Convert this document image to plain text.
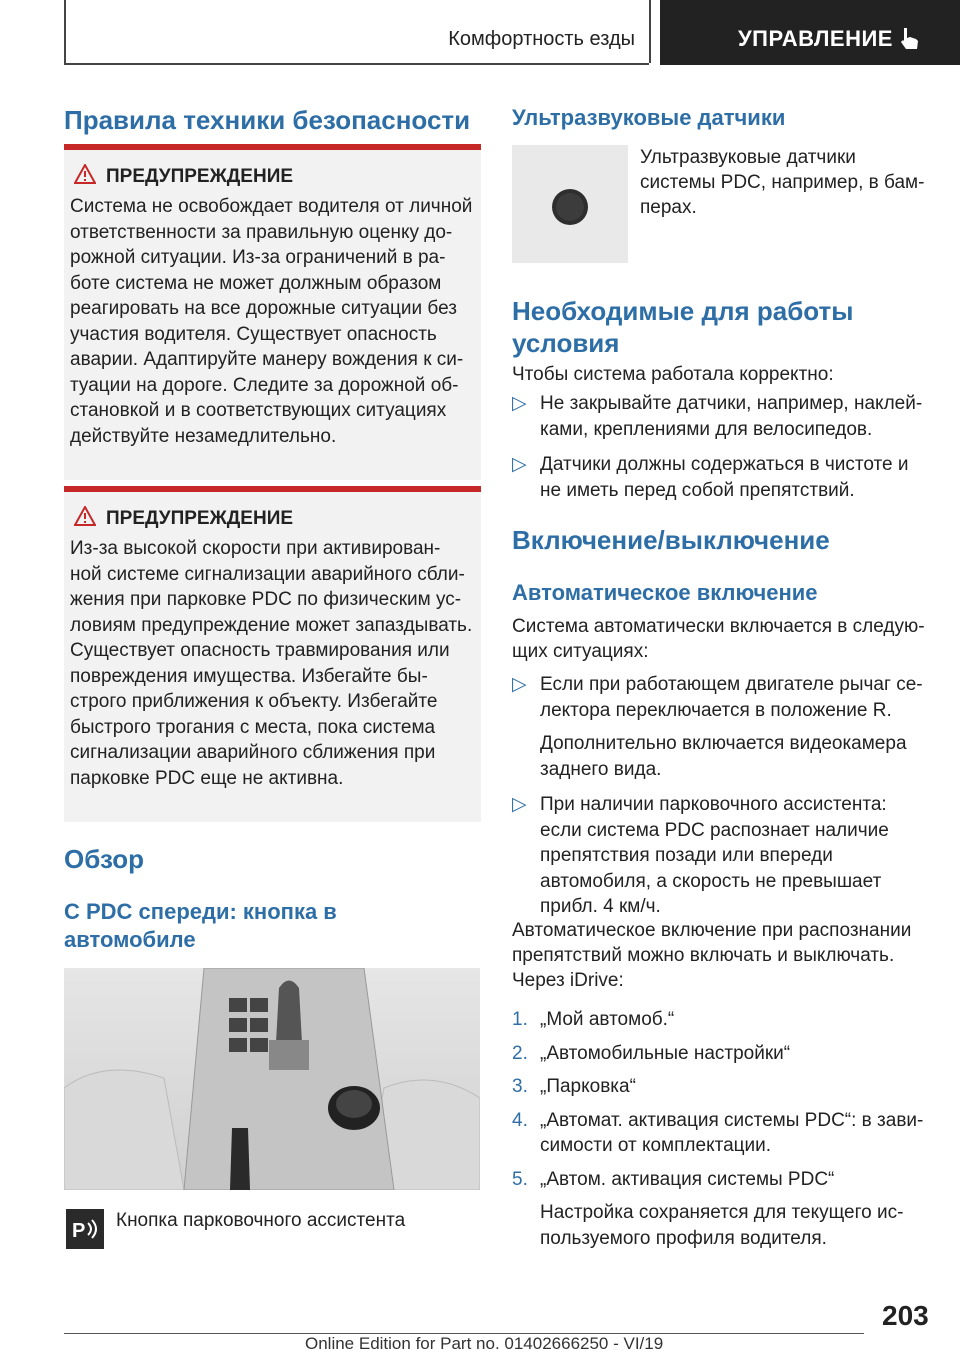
Комфортность езды	УПРАВЛЕНИЕ
Правила техники безопасности
ПРЕДУПРЕЖДЕНИЕ
Система не освобождает водителя от личной
ответственности за правильную оценку до-
рожной ситуации. Из-за ограничений в ра-
боте система не может должным образом
реагировать на все дорожные ситуации без
участия водителя. Существует опасность
аварии. Адаптируйте манеру вождения к си-
туации на дороге. Следите за дорожной об-
становкой и в соответствующих ситуациях
действуйте незамедлительно.
ПРЕДУПРЕЖДЕНИЕ
Из-за высокой скорости при активирован-
ной системе сигнализации аварийного сбли-
жения при парковке PDC по физическим ус-
ловиям предупреждение может запаздывать.
Существует опасность травмирования или
повреждения имущества. Избегайте бы-
строго приближения к объекту. Избегайте
быстрого трогания с места, пока система
сигнализации аварийного сближения при
парковке PDC еще не активна.
Обзор
С PDC спереди: кнопка в
автомобиле
P Кнопка парковочного ассистента
Ультразвуковые датчики
Ультразвуковые датчики
системы PDC, например, в бам-
перах.
Необходимые для работы
условия

Чтобы система работала корректно:

▷ Не закрывайте датчики, например, наклей-
ками, креплениями для велосипедов.
▷ Датчики должны содержаться в чистоте и
не иметь перед собой препятствий.
Включение/выключение
Автоматическое включение
Система автоматически включается в следую-
щих ситуациях:
▷ Если при работающем двигателе рычаг се-
лектора переключается в положение R.
Дополнительно включается видеокамера
заднего вида.
▷ При наличии парковочного ассистента:
если система PDC распознает наличие
препятствия позади или впереди
автомобиля, а скорость не превышает
прибл. 4 км/ч.
Автоматическое включение при распознании
препятствий можно включать и выключать.
Через iDrive:
1. „Мой автомоб.“
2. „Автомобильные настройки“
3. „Парковка“
4. „Автомат. активация системы PDC“: в зави-
симости от комплектации.
5. „Автом. активация системы PDC“
Настройка сохраняется для текущего ис-
пользуемого профиля водителя.
203
Online Edition for Part no. 01402666250 - VI/19
